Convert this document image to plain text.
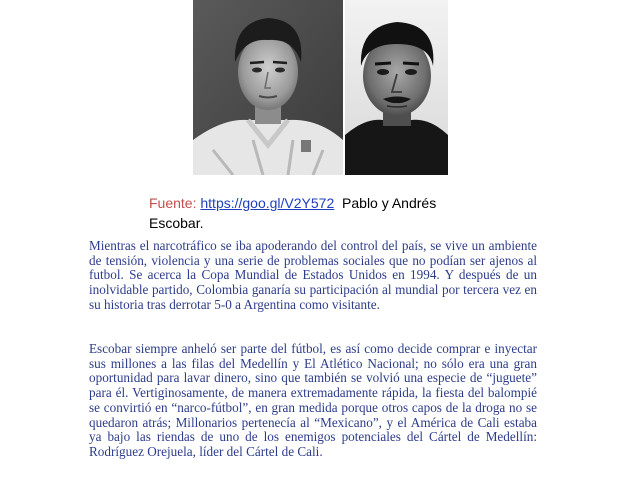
Fuente: https://goo.gl/V2Y572 Pablo y Andrés
Escobar.

Mientras el narcotráfico se iba apoderando del control del país, se vive un ambiente de tensión, violencia y una serie de problemas sociales que no podían ser ajenos al futbol. Se acerca la Copa Mundial de Estados Unidos en 1994. Y después de un inolvidable partido, Colombia ganaría su participación al mundial por tercera vez en su historia tras derrotar 5-0 a Argentina como visitante.

Escobar siempre anheló ser parte del fútbol, es así como decide comprar e inyectar sus millones a las filas del Medellín y El Atlético Nacional; no sólo era una gran oportunidad para lavar dinero, sino que también se volvió una especie de “juguete” para él. Vertiginosamente, de manera extremadamente rápida, la fiesta del balompié se convirtió en “narco-fútbol”, en gran medida porque otros capos de la droga no se quedaron atrás; Millonarios pertenecía al “Mexicano”, y el América de Cali estaba ya bajo las riendas de uno de los enemigos potenciales del Cártel de Medellín: Rodríguez Orejuela, líder del Cártel de Cali.
